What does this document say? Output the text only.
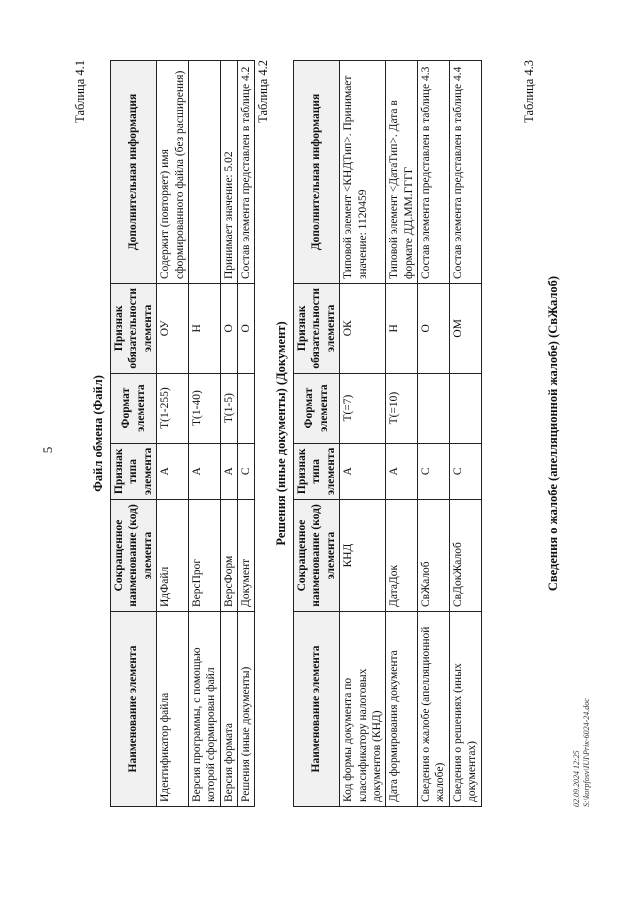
5
Таблица 4.1
Файл обмена (Файл)
Наименование элемента	Сокращенное наименование (код) элемента	Признак типа элемента	Формат элемента	Признак обязательности элемента	Дополнительная информация
Идентификатор файла	ИдФайл	А	T(1-255)	ОУ	Содержит (повторяет) имя сформированного файла (без расширения)
Версия программы, с помощью которой сформирован файл	ВерсПрог	А	T(1-40)	Н	
Версия формата	ВерсФорм	А	T(1-5)	О	Принимает значение: 5.02
Решения (иные документы)	Документ	С		О	Состав элемента представлен в таблице 4.2 Таблица 4.2
Решения (иные документы) (Документ)
Наименование элемента	Сокращенное наименование (код) элемента	Признак типа элемента	Формат элемента	Признак обязательности элемента	Дополнительная информация
Код формы документа по классификатору налоговых документов (КНД)	КНД	А	T(=7)	ОК	Типовой элемент <КНДТип>. Принимает значение: 1120459
Дата формирования документа	ДатаДок	А	T(=10)	Н	Типовой элемент <ДатаТип>. Дата в формате ДД.ММ.ГГГГ
Сведения о жалобе (апелляционной жалобе)	СвЖалоб	С		О	Состав элемента представлен в таблице 4.3
Сведения о решениях (иных документах)	СвДокЖалоб	С		ОМ	Состав элемента представлен в таблице 4.4	Таблица 4.3
Сведения о жалобе (апелляционной жалобе) (СвЖалоб)
02.09.2024 12:25 S:\korpfosv\IUI\Priк-6024-24.doc
